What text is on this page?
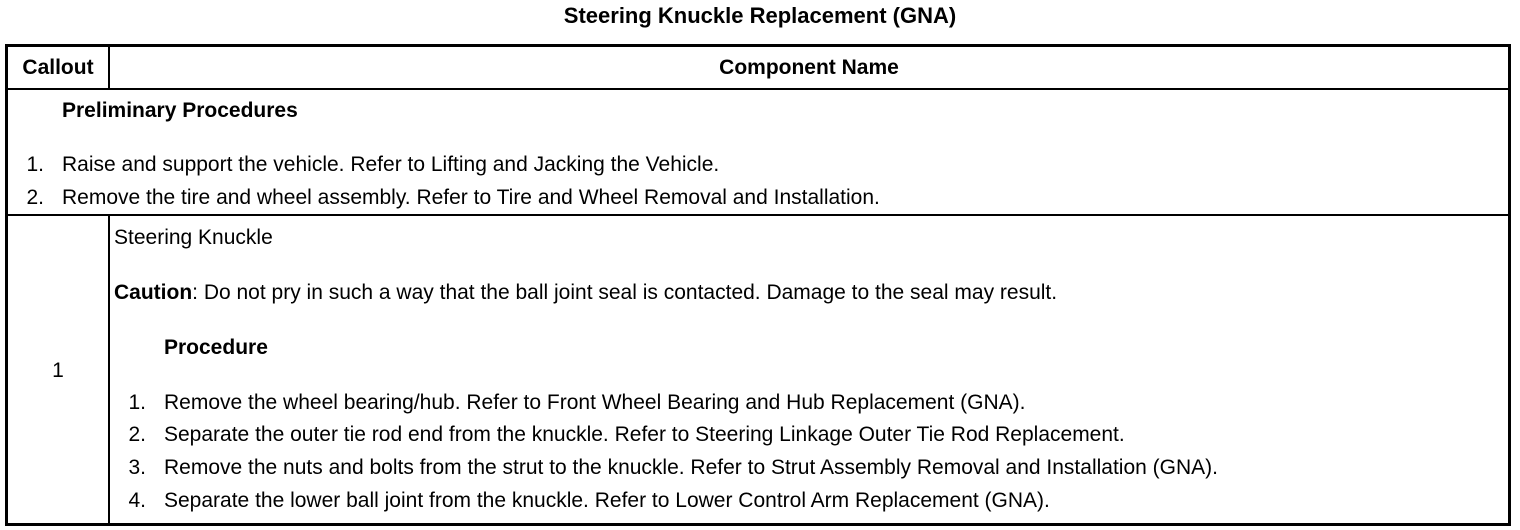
Steering Knuckle Replacement (GNA)
Callout	Component Name
Preliminary Procedures
1. Raise and support the vehicle. Refer to Lifting and Jacking the Vehicle.
2. Remove the tire and wheel assembly. Refer to Tire and Wheel Removal and Installation.
1
Steering Knuckle
Caution: Do not pry in such a way that the ball joint seal is contacted. Damage to the seal may result.
Procedure
1. Remove the wheel bearing/hub. Refer to Front Wheel Bearing and Hub Replacement (GNA).
2. Separate the outer tie rod end from the knuckle. Refer to Steering Linkage Outer Tie Rod Replacement.
3. Remove the nuts and bolts from the strut to the knuckle. Refer to Strut Assembly Removal and Installation (GNA).
4. Separate the lower ball joint from the knuckle. Refer to Lower Control Arm Replacement (GNA).
